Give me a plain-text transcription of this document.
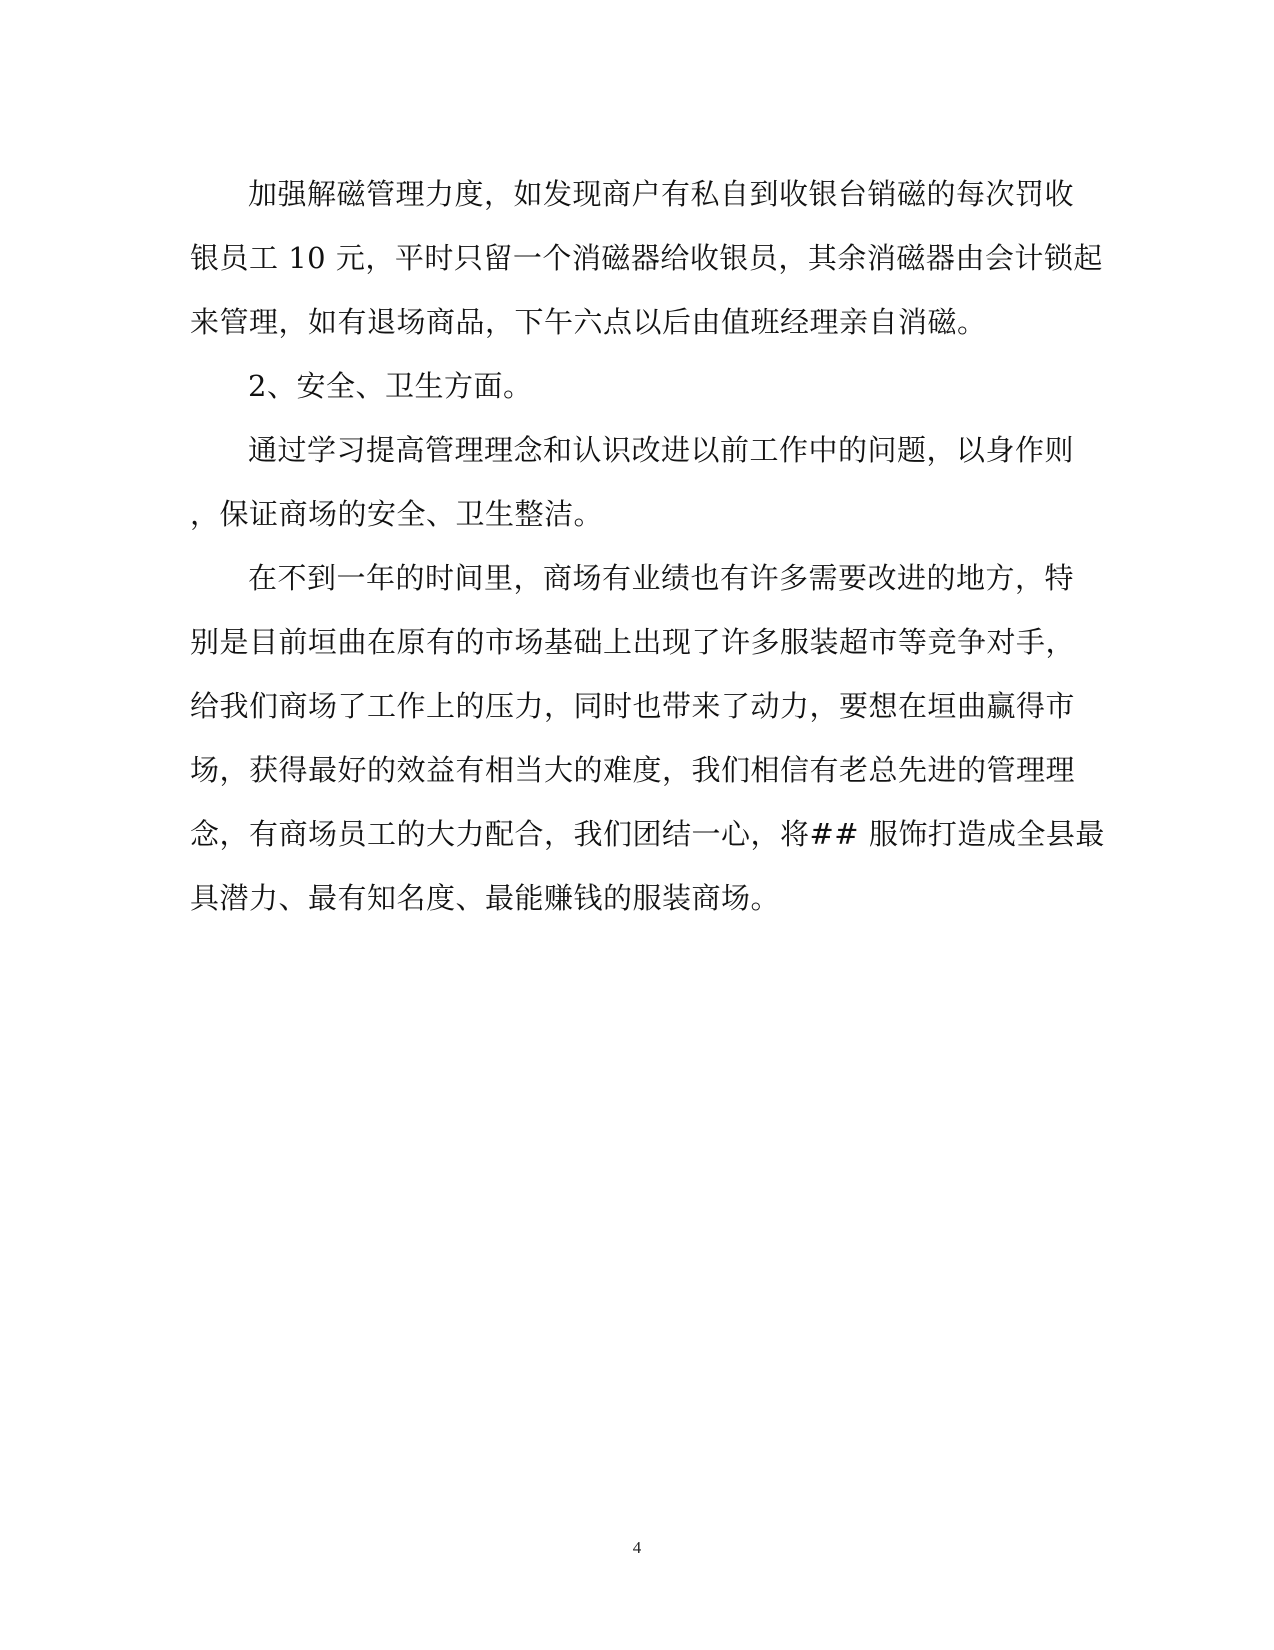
加强解磁管理力度，如发现商户有私自到收银台销磁的每次罚收
银员工 10 元，平时只留一个消磁器给收银员，其余消磁器由会计锁起
来管理，如有退场商品，下午六点以后由值班经理亲自消磁。
2、安全、卫生方面。
通过学习提高管理理念和认识改进以前工作中的问题，以身作则
，保证商场的安全、卫生整洁。
在不到一年的时间里，商场有业绩也有许多需要改进的地方，特
别是目前垣曲在原有的市场基础上出现了许多服装超市等竞争对手，
给我们商场了工作上的压力，同时也带来了动力，要想在垣曲赢得市
场，获得最好的效益有相当大的难度，我们相信有老总先进的管理理
念，有商场员工的大力配合，我们团结一心，将## 服饰打造成全县最
具潜力、最有知名度、最能赚钱的服装商场。
4
